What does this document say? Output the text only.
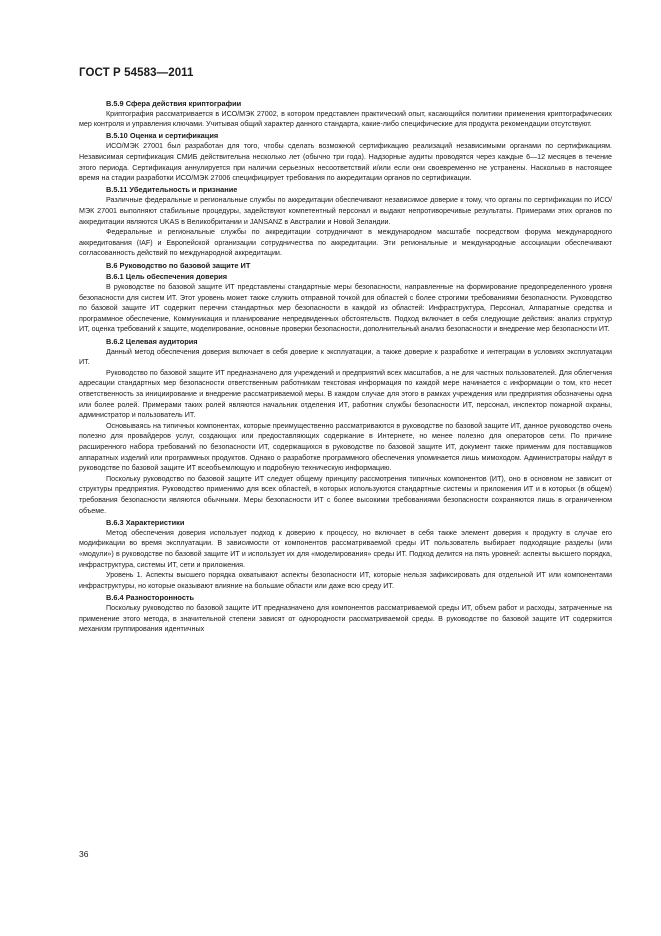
ГОСТ Р 54583—2011
В.5.9 Сфера действия криптографии

Криптография рассматривается в ИСО/МЭК 27002, в котором представлен практический опыт, касающийся политики применения криптографических мер контроля и управления ключами. Учитывая общий характер данного стандарта, какие-либо специфические для продукта рекомендации отсутствуют.

В.5.10 Оценка и сертификация

ИСО/МЭК 27001 был разработан для того, чтобы сделать возможной сертификацию реализаций независимыми органами по сертификациям. Независимая сертификация СМИБ действительна несколько лет (обычно три года). Надзорные аудиты проводятся через каждые 6—12 месяцев в течение этого периода. Сертификация аннулируется при наличии серьезных несоответствий и/или если они своевременно не устранены. Насколько в настоящее время на стадии разработки ИСО/МЭК 27006 специфицирует требования по аккредитации органов по сертификации.

В.5.11 Убедительность и признание

Различные федеральные и региональные службы по аккредитации обеспечивают независимое доверие к тому, что органы по сертификации по ИСО/МЭК 27001 выполняют стабильные процедуры, задействуют компетентный персонал и выдают непротиворечивые результаты. Примерами этих органов по аккредитации являются UKAS в Великобритании и JANSANZ в Австралии и Новой Зеландии.

Федеральные и региональные службы по аккредитации сотрудничают в международном масштабе посредством форума международного аккредитования (IAF) и Европейской организации сотрудничества по аккредитации. Эти региональные и международные ассоциации обеспечивают согласованность действий по международной аккредитации.

В.6 Руководство по базовой защите ИТ
В.6.1 Цель обеспечения доверия

В руководстве по базовой защите ИТ представлены стандартные меры безопасности, направленные на формирование предопределенного уровня безопасности для систем ИТ. Этот уровень может также служить отправной точкой для областей с более строгими требованиями безопасности. Руководство по базовой защите ИТ содержит перечни стандартных мер безопасности в каждой из областей: Инфраструктура, Персонал, Аппаратные средства и программное обеспечение, Коммуникация и планирование непредвиденных обстоятельств. Подход включает в себя следующие действия: анализ структур ИТ, оценка требований к защите, моделирование, основные проверки безопасности, дополнительный анализ безопасности и внедрение мер безопасности ИТ.

В.6.2 Целевая аудитория

Данный метод обеспечения доверия включает в себя доверие к эксплуатации, а также доверие к разработке и интеграции в условиях эксплуатации ИТ.

Руководство по базовой защите ИТ предназначено для учреждений и предприятий всех масштабов, а не для частных пользователей. Для облегчения адресации стандартных мер безопасности ответственным работникам текстовая информация по каждой мере начинается с информации о том, кто несет ответственность за инициирование и внедрение рассматриваемой меры. В каждом случае для этого в рамках учреждения или предприятия обозначены одна или более ролей. Примерами таких ролей являются начальник отделения ИТ, работник службы безопасности ИТ, персонал, инспектор пожарной охраны, администратор и пользователь ИТ.

Основываясь на типичных компонентах, которые преимущественно рассматриваются в руководстве по базовой защите ИТ, данное руководство очень полезно для провайдеров услуг, создающих или предоставляющих содержание в Интернете, но менее полезно для операторов сети. По причине расширенного набора требований по безопасности ИТ, содержащихся в руководстве по базовой защите ИТ, документ также применим для поставщиков аппаратных изделий или программных продуктов. Однако о разработке программного обеспечения упоминается лишь мимоходом. Администраторы найдут в руководстве по базовой защите ИТ всеобъемлющую и подробную техническую информацию.

Поскольку руководство по базовой защите ИТ следует общему принципу рассмотрения типичных компонентов (ИТ), оно в основном не зависит от структуры предприятия. Руководство применимо для всех областей, в которых используются стандартные системы и приложения ИТ и в которых (в общем) требования безопасности являются обычными. Меры безопасности ИТ с более высокими требованиями безопасности сохраняются лишь в ограниченном объеме.

В.6.3 Характеристики

Метод обеспечения доверия использует подход к доверию к процессу, но включает в себя также элемент доверия к продукту в случае его модификации во время эксплуатации. В зависимости от компонентов рассматриваемой среды ИТ пользователь выбирает подходящие разделы (или «модули») в руководстве по базовой защите ИТ и использует их для «моделирования» среды ИТ. Подход делится на пять уровней: аспекты высшего порядка, инфраструктура, системы ИТ, сети и приложения.

Уровень 1. Аспекты высшего порядка охватывают аспекты безопасности ИТ, которые нельзя зафиксировать для отдельной ИТ или компонентами инфраструктуры, но которые оказывают влияние на большие области или даже всю среду ИТ.

В.6.4 Разносторонность

Поскольку руководство по базовой защите ИТ предназначено для компонентов рассматриваемой среды ИТ, объем работ и расходы, затраченные на применение этого метода, в значительной степени зависят от однородности рассматриваемой среды. В руководстве по базовой защите ИТ содержится механизм группирования идентичных

36
